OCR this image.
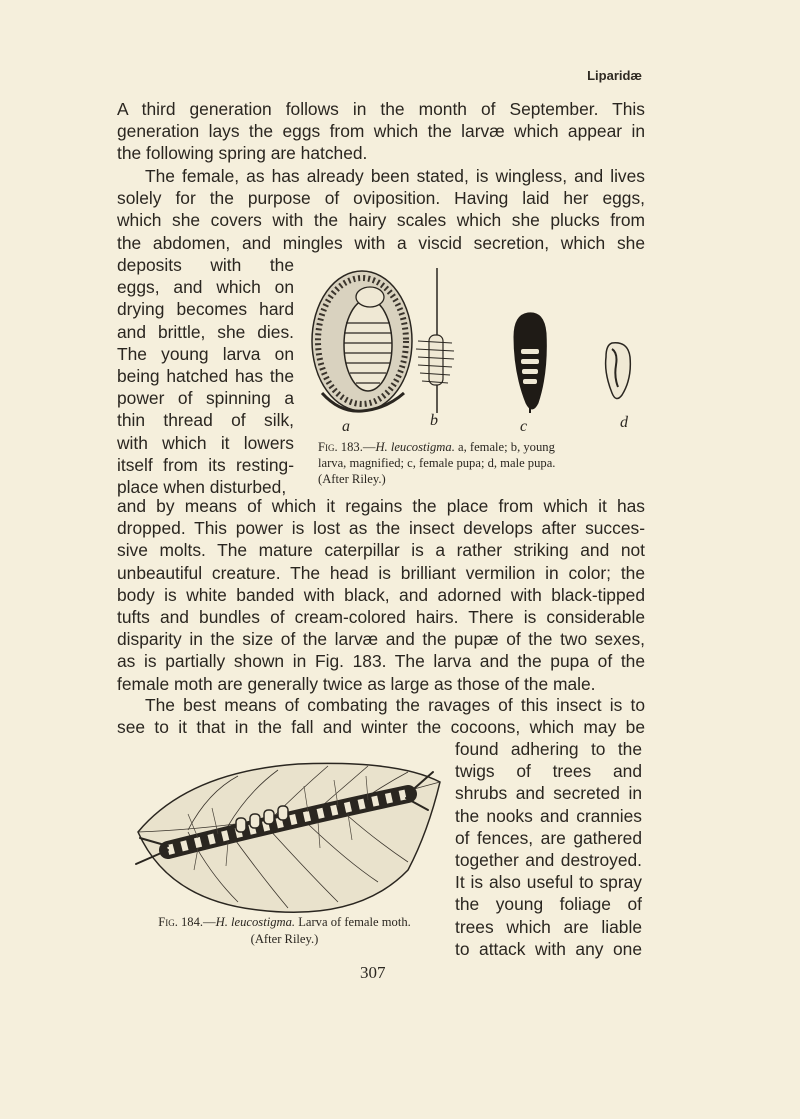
Liparidæ
A third generation follows in the month of September. This
generation lays the eggs from which the larvæ which appear in
the following spring are hatched.
The female, as has already been stated, is wingless, and lives
solely for the purpose of oviposition. Having laid her eggs,
which she covers with the hairy scales which she plucks from
the abdomen, and mingles with a viscid secretion, which she
deposits with the
eggs, and which on
drying becomes hard
and brittle, she dies.
The young larva on
being hatched has the
power of spinning a
thin thread of silk,
with which it lowers
itself from its resting-
place when disturbed,
a	b	c	d
Fig. 183.—H. leucostigma. a, female; b, young
larva, magnified; c, female pupa; d, male pupa.
(After Riley.)
and by means of which it regains the place from which it has
dropped. This power is lost as the insect develops after succes-
sive molts. The mature caterpillar is a rather striking and not
unbeautiful creature. The head is brilliant vermilion in color; the
body is white banded with black, and adorned with black-tipped
tufts and bundles of cream-colored hairs. There is considerable
disparity in the size of the larvæ and the pupæ of the two sexes,
as is partially shown in Fig. 183. The larva and the pupa of the
female moth are generally twice as large as those of the male.
The best means of combating the ravages of this insect is to
see to it that in the fall and winter the cocoons, which may be
found adhering to the
twigs of trees and
shrubs and secreted in
the nooks and crannies
of fences, are gathered
together and destroyed.
It is also useful to spray
the young foliage of
trees which are liable
to attack with any one
Fig. 184.—H. leucostigma. Larva of female moth.
(After Riley.)
307
